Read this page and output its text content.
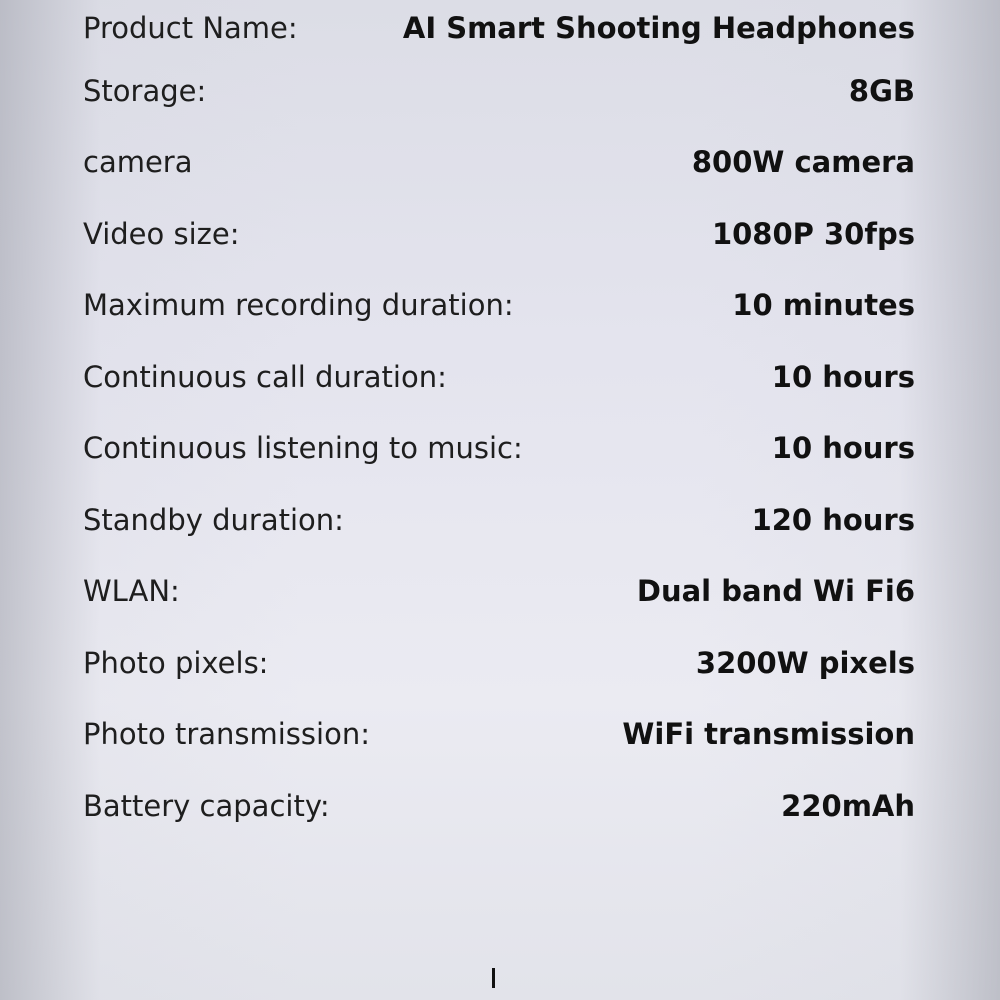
Product Name:	AI Smart Shooting Headphones
Storage:	8GB
camera	800W camera
Video size:	1080P 30fps
Maximum recording duration:	10 minutes
Continuous call duration:	10 hours
Continuous listening to music:	10 hours
Standby duration:	120 hours
WLAN:	Dual band Wi Fi6
Photo pixels:	3200W pixels
Photo transmission:	WiFi transmission
Battery capacity:	220mAh
